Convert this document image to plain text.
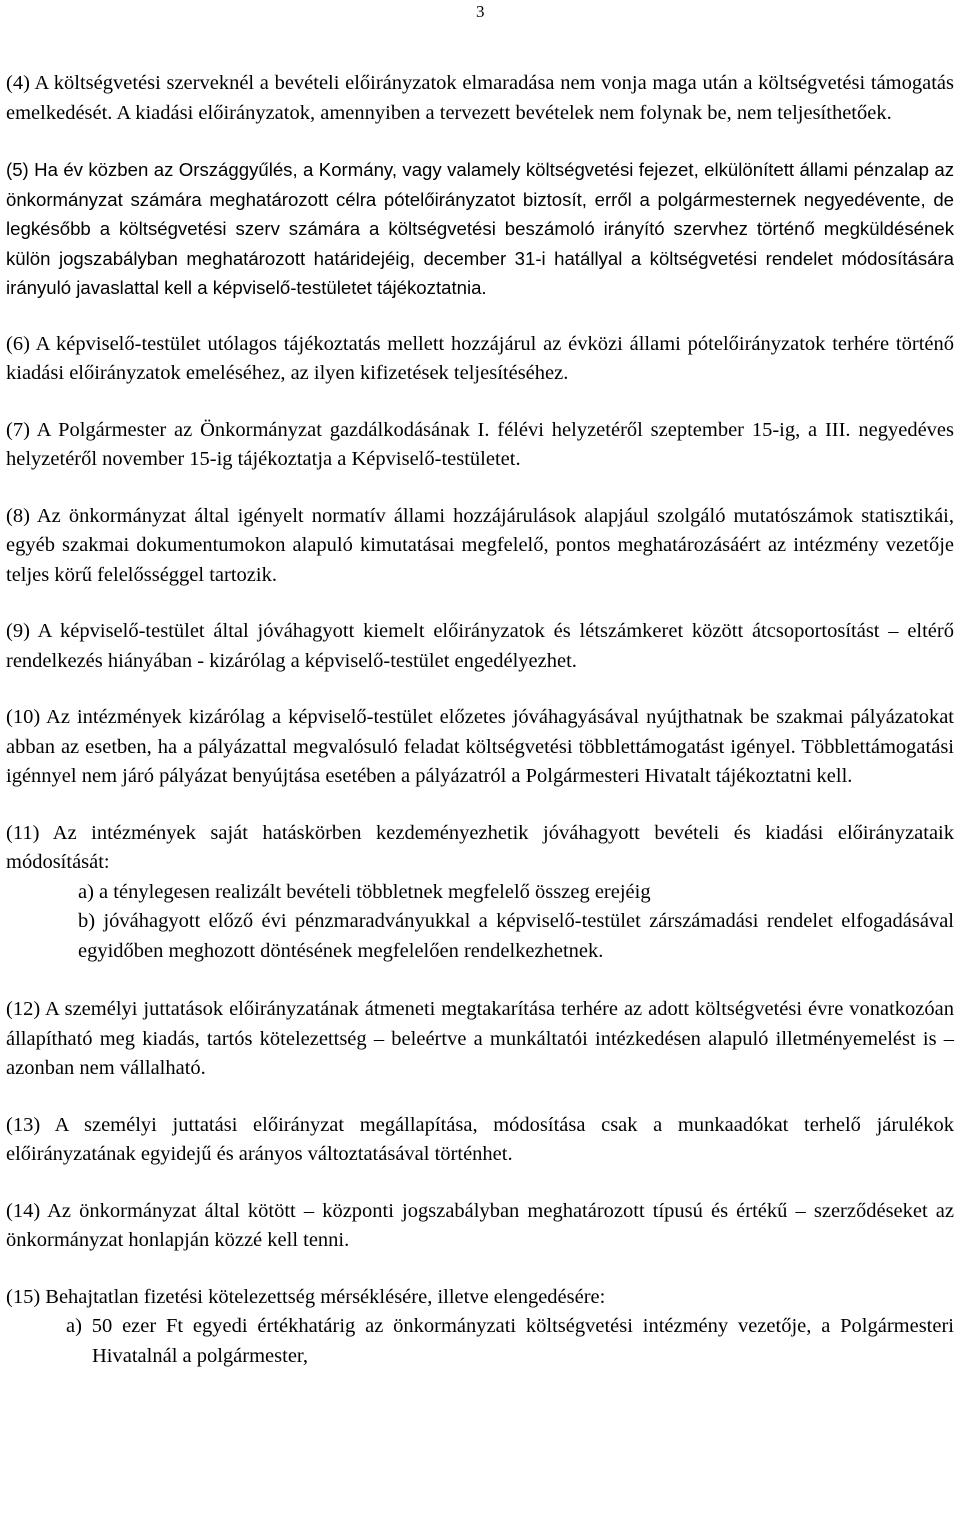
3

(4) A költségvetési szerveknél a bevételi előirányzatok elmaradása nem vonja maga után a költségvetési támogatás emelkedését. A kiadási előirányzatok, amennyiben a tervezett bevételek nem folynak be, nem teljesíthetőek.

(5) Ha év közben az Országgyűlés, a Kormány, vagy valamely költségvetési fejezet, elkülönített állami pénzalap az önkormányzat számára meghatározott célra pótelőirányzatot biztosít, erről a polgármesternek negyedévente, de legkésőbb a költségvetési szerv számára a költségvetési beszámoló irányító szervhez történő megküldésének külön jogszabályban meghatározott határidejéig, december 31-i hatállyal a költségvetési rendelet módosítására irányuló javaslattal kell a képviselő-testületet tájékoztatnia.

(6) A képviselő-testület utólagos tájékoztatás mellett hozzájárul az évközi állami pótelőirányzatok terhére történő kiadási előirányzatok emeléséhez, az ilyen kifizetések teljesítéséhez.

(7) A Polgármester az Önkormányzat gazdálkodásának I. félévi helyzetéről szeptember 15-ig, a III. negyedéves helyzetéről november 15-ig tájékoztatja a Képviselő-testületet.

(8) Az önkormányzat által igényelt normatív állami hozzájárulások alapjául szolgáló mutatószámok statisztikái, egyéb szakmai dokumentumokon alapuló kimutatásai megfelelő, pontos meghatározásáért az intézmény vezetője teljes körű felelősséggel tartozik.

(9) A képviselő-testület által jóváhagyott kiemelt előirányzatok és létszámkeret között átcsoportosítást – eltérő rendelkezés hiányában - kizárólag a képviselő-testület engedélyezhet.

(10) Az intézmények kizárólag a képviselő-testület előzetes jóváhagyásával nyújthatnak be szakmai pályázatokat abban az esetben, ha a pályázattal megvalósuló feladat költségvetési többlettámogatást igényel. Többlettámogatási igénnyel nem járó pályázat benyújtása esetében a pályázatról a Polgármesteri Hivatalt tájékoztatni kell.

(11) Az intézmények saját hatáskörben kezdeményezhetik jóváhagyott bevételi és kiadási előirányzataik módosítását:

a) a ténylegesen realizált bevételi többletnek megfelelő összeg erejéig

b) jóváhagyott előző évi pénzmaradványukkal a képviselő-testület zárszámadási rendelet elfogadásával egyidőben meghozott döntésének megfelelően rendelkezhetnek.

(12) A személyi juttatások előirányzatának átmeneti megtakarítása terhére az adott költségvetési évre vonatkozóan állapítható meg kiadás, tartós kötelezettség – beleértve a munkáltatói intézkedésen alapuló illetményemelést is – azonban nem vállalható.

(13) A személyi juttatási előirányzat megállapítása, módosítása csak a munkaadókat terhelő járulékok előirányzatának egyidejű és arányos változtatásával történhet.

(14) Az önkormányzat által kötött – központi jogszabályban meghatározott típusú és értékű – szerződéseket az önkormányzat honlapján közzé kell tenni.

(15) Behajtatlan fizetési kötelezettség mérséklésére, illetve elengedésére:

a) 50 ezer Ft egyedi értékhatárig az önkormányzati költségvetési intézmény vezetője, a Polgármesteri Hivatalnál a polgármester,
